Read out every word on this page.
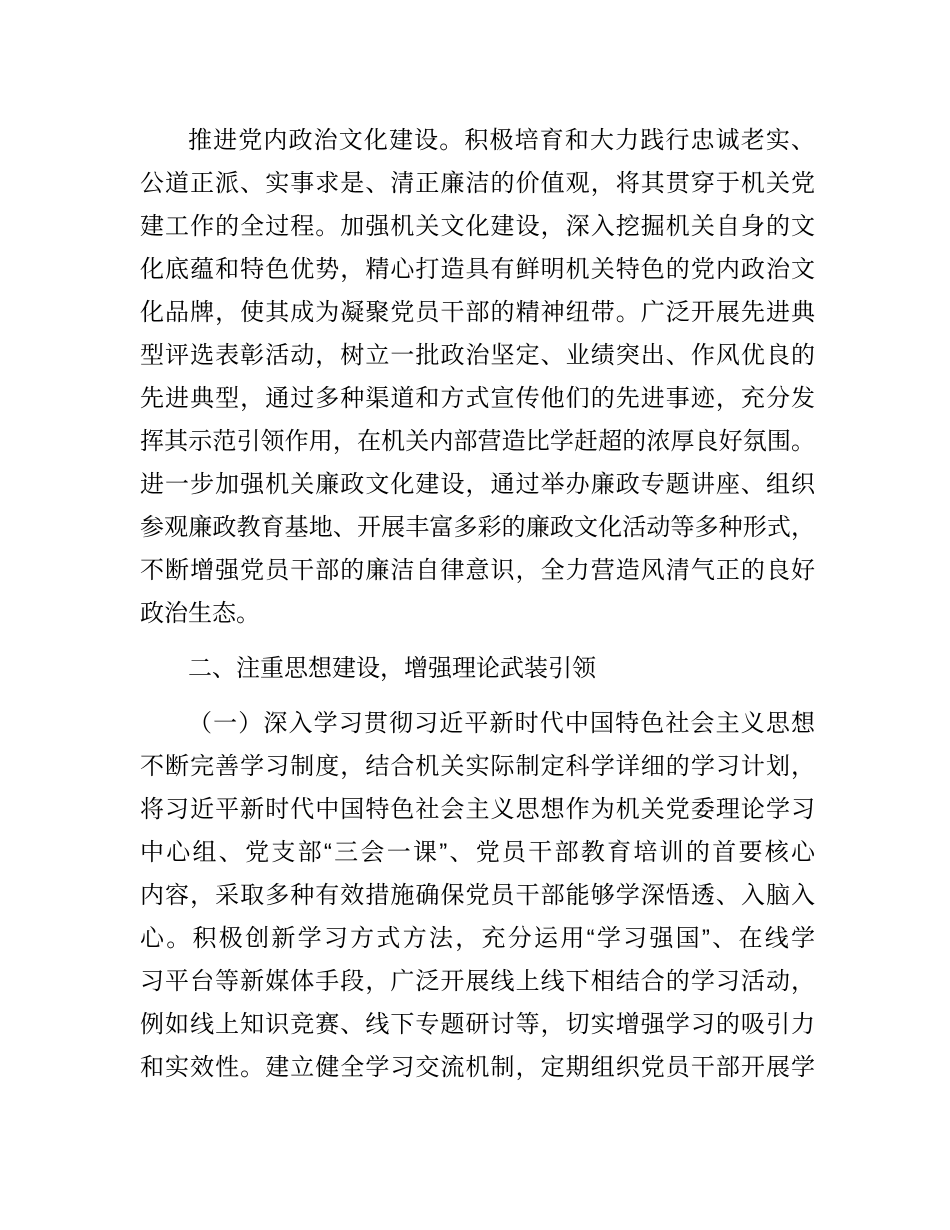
推进党内政治文化建设。积极培育和大力践行忠诚老实、
公道正派、实事求是、清正廉洁的价值观，将其贯穿于机关党
建工作的全过程。加强机关文化建设，深入挖掘机关自身的文
化底蕴和特色优势，精心打造具有鲜明机关特色的党内政治文
化品牌，使其成为凝聚党员干部的精神纽带。广泛开展先进典
型评选表彰活动，树立一批政治坚定、业绩突出、作风优良的
先进典型，通过多种渠道和方式宣传他们的先进事迹，充分发
挥其示范引领作用，在机关内部营造比学赶超的浓厚良好氛围。
进一步加强机关廉政文化建设，通过举办廉政专题讲座、组织
参观廉政教育基地、开展丰富多彩的廉政文化活动等多种形式，
不断增强党员干部的廉洁自律意识，全力营造风清气正的良好
政治生态。
二、注重思想建设，增强理论武装引领
（一）深入学习贯彻习近平新时代中国特色社会主义思想
不断完善学习制度，结合机关实际制定科学详细的学习计划，
将习近平新时代中国特色社会主义思想作为机关党委理论学习
中心组、党支部“三会一课”、党员干部教育培训的首要核心
内容，采取多种有效措施确保党员干部能够学深悟透、入脑入
心。积极创新学习方式方法，充分运用“学习强国”、在线学
习平台等新媒体手段，广泛开展线上线下相结合的学习活动，
例如线上知识竞赛、线下专题研讨等，切实增强学习的吸引力
和实效性。建立健全学习交流机制，定期组织党员干部开展学
